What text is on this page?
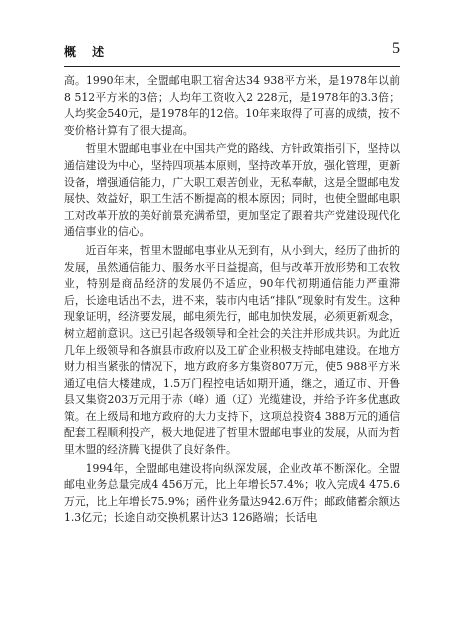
概 述	5

高。1990年末，全盟邮电职工宿舍达34 938平方米，是1978年以前8 512平方米的3倍；人均年工资收入2 228元，是1978年的3.3倍；人均奖金540元，是1978年的12倍。10年来取得了可喜的成绩，按不变价格计算有了很大提高。

哲里木盟邮电事业在中国共产党的路线、方针政策指引下，坚持以通信建设为中心，坚持四项基本原则，坚持改革开放，强化管理，更新设备，增强通信能力，广大职工艰苦创业，无私奉献，这是全盟邮电发展快、效益好，职工生活不断提高的根本原因；同时，也使全盟邮电职工对改革开放的美好前景充满希望，更加坚定了跟着共产党建设现代化通信事业的信心。

近百年来，哲里木盟邮电事业从无到有，从小到大，经历了曲折的发展，虽然通信能力、服务水平日益提高，但与改革开放形势和工农牧业，特别是商品经济的发展仍不适应，90年代初期通信能力严重滞后，长途电话出不去，进不来，装市内电话“排队”现象时有发生。这种现象证明，经济要发展，邮电须先行，邮电加快发展，必须更新观念，树立超前意识。这已引起各级领导和全社会的关注并形成共识。为此近几年上级领导和各旗县市政府以及工矿企业积极支持邮电建设。在地方财力相当紧张的情况下，地方政府多方集资807万元，使5 988平方米通辽电信大楼建成，1.5万门程控电话如期开通，继之，通辽市、开鲁县又集资203万元用于赤（峰）通（辽）光缆建设，并给予许多优惠政策。在上级局和地方政府的大力支持下，这项总投资4 388万元的通信配套工程顺利投产，极大地促进了哲里木盟邮电事业的发展，从而为哲里木盟的经济腾飞提供了良好条件。

1994年，全盟邮电建设将向纵深发展，企业改革不断深化。全盟邮电业务总量完成4 456万元，比上年增长57.4%；收入完成4 475.6万元，比上年增长75.9%；函件业务量达942.6万件；邮政储蓄余额达1.3亿元；长途自动交换机累计达3 126路端；长话电
